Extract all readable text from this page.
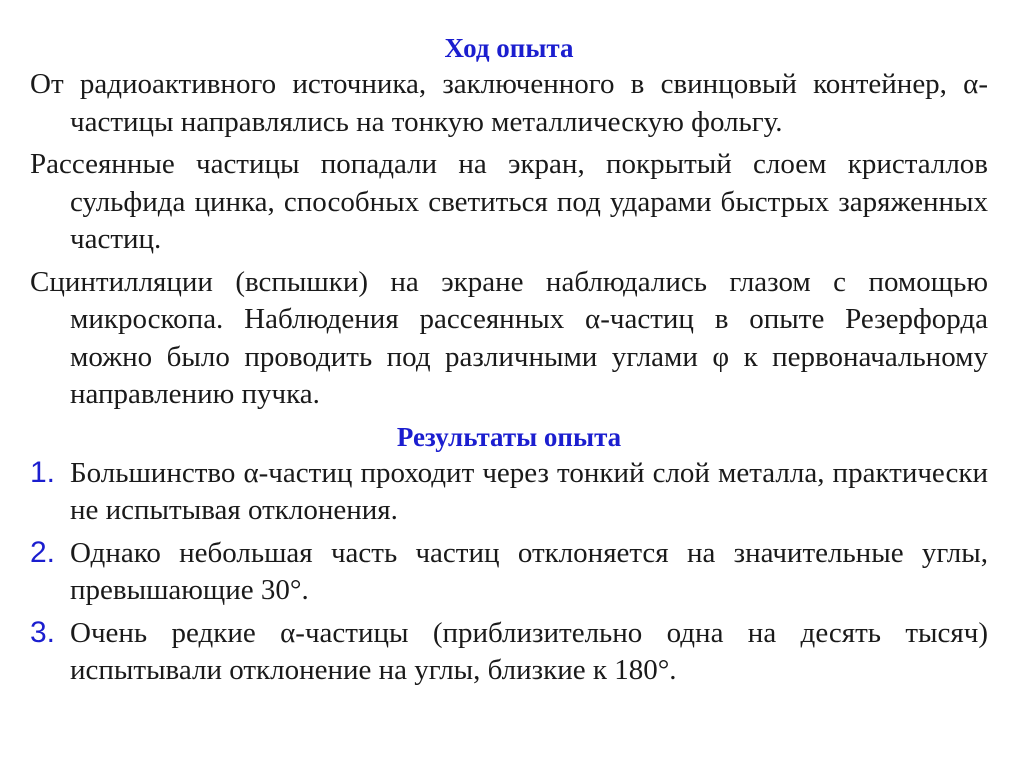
Ход опыта

От радиоактивного источника, заключенного в свинцовый контейнер, α-частицы направлялись на тонкую металлическую фольгу.

Рассеянные частицы попадали на экран, покрытый слоем кристаллов сульфида цинка, способных светиться под ударами быстрых заряженных частиц.

Сцинтилляции (вспышки) на экране наблюдались глазом с помощью микроскопа. Наблюдения рассеянных α-частиц в опыте Резерфорда можно было проводить под различными углами φ к первоначальному направлению пучка.

Результаты опыта
1. Большинство α-частиц проходит через тонкий слой металла, практически не испытывая отклонения.
2. Однако небольшая часть частиц отклоняется на значительные углы, превышающие 30°.
3. Очень редкие α-частицы (приблизительно одна на десять тысяч) испытывали отклонение на углы, близкие к 180°.
